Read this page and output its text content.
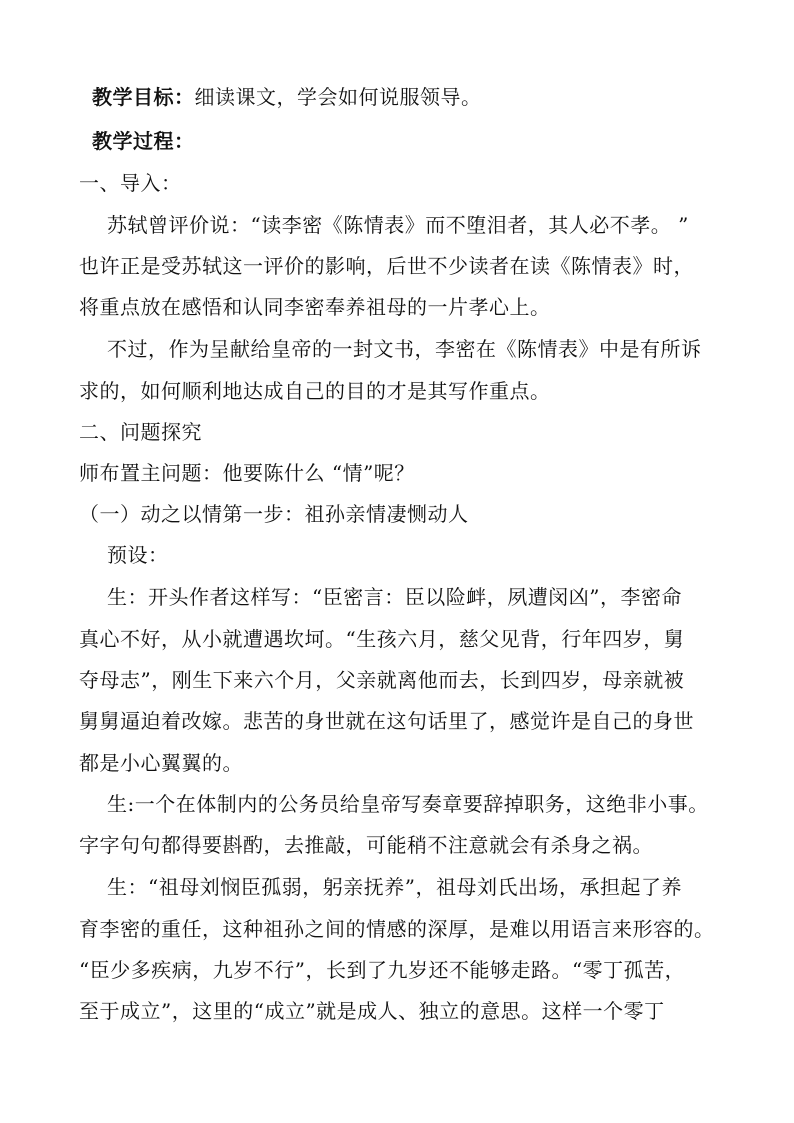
教学目标：细读课文，学会如何说服领导。
教学过程：
一、导入：
苏轼曾评价说：“读李密《陈情表》而不堕泪者，其人必不孝。 ”
也许正是受苏轼这一评价的影响，后世不少读者在读《陈情表》时，
将重点放在感悟和认同李密奉养祖母的一片孝心上。
不过，作为呈献给皇帝的一封文书，李密在《陈情表》中是有所诉
求的，如何顺利地达成自己的目的才是其写作重点。
二、问题探究
师布置主问题：他要陈什么 “情”呢？
（一）动之以情第一步：祖孙亲情凄恻动人
预设：
生：开头作者这样写：“臣密言：臣以险衅，夙遭闵凶”，李密命
真心不好，从小就遭遇坎坷。“生孩六月，慈父见背，行年四岁，舅
夺母志”，刚生下来六个月，父亲就离他而去，长到四岁，母亲就被
舅舅逼迫着改嫁。悲苦的身世就在这句话里了，感觉许是自己的身世
都是小心翼翼的。
生:一个在体制内的公务员给皇帝写奏章要辞掉职务，这绝非小事。
字字句句都得要斟酌，去推敲，可能稍不注意就会有杀身之祸。
生：“祖母刘悯臣孤弱，躬亲抚养”，祖母刘氏出场，承担起了养
育李密的重任，这种祖孙之间的情感的深厚，是难以用语言来形容的。
“臣少多疾病，九岁不行”，长到了九岁还不能够走路。“零丁孤苦，
至于成立”，这里的“成立”就是成人、独立的意思。这样一个零丁
